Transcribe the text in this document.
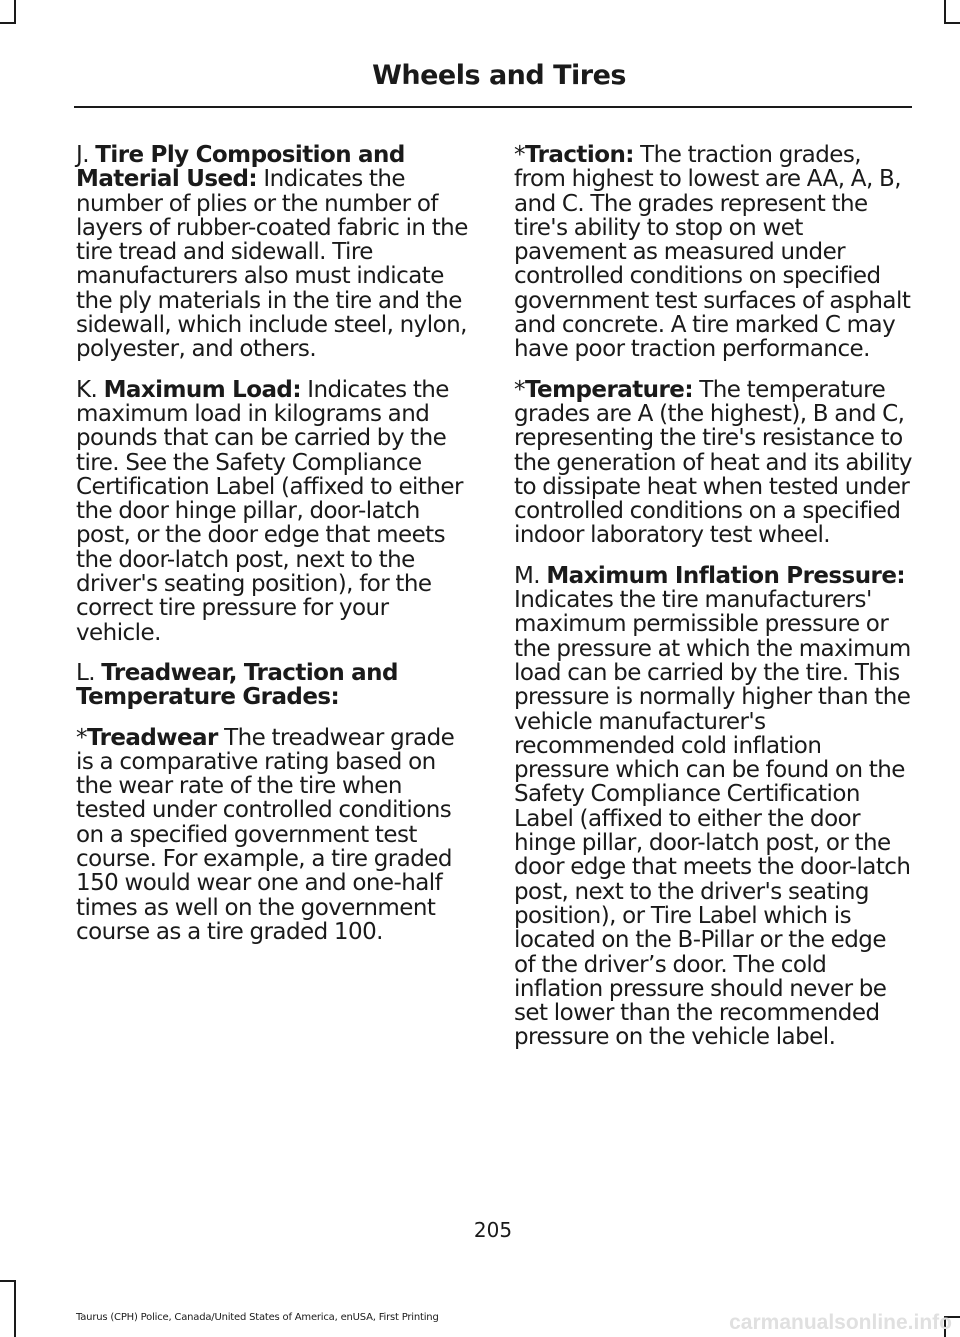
Wheels and Tires

J. Tire Ply Composition and Material Used: Indicates the number of plies or the number of layers of rubber-coated fabric in the tire tread and sidewall. Tire manufacturers also must indicate the ply materials in the tire and the sidewall, which include steel, nylon, polyester, and others.

K. Maximum Load: Indicates the maximum load in kilograms and pounds that can be carried by the tire. See the Safety Compliance Certification Label (affixed to either the door hinge pillar, door-latch post, or the door edge that meets the door-latch post, next to the driver's seating position), for the correct tire pressure for your vehicle.

L. Treadwear, Traction and Temperature Grades:

*Treadwear The treadwear grade is a comparative rating based on the wear rate of the tire when tested under controlled conditions on a specified government test course. For example, a tire graded 150 would wear one and one-half times as well on the government course as a tire graded 100.

*Traction: The traction grades, from highest to lowest are AA, A, B, and C. The grades represent the tire's ability to stop on wet pavement as measured under controlled conditions on specified government test surfaces of asphalt and concrete. A tire marked C may have poor traction performance.

*Temperature: The temperature grades are A (the highest), B and C, representing the tire's resistance to the generation of heat and its ability to dissipate heat when tested under controlled conditions on a specified indoor laboratory test wheel.

M. Maximum Inflation Pressure: Indicates the tire manufacturers' maximum permissible pressure or the pressure at which the maximum load can be carried by the tire. This pressure is normally higher than the vehicle manufacturer's recommended cold inflation pressure which can be found on the Safety Compliance Certification Label (affixed to either the door hinge pillar, door-latch post, or the door edge that meets the door-latch post, next to the driver's seating position), or Tire Label which is located on the B-Pillar or the edge of the driver’s door. The cold inflation pressure should never be set lower than the recommended pressure on the vehicle label.

205
Taurus (CPH) Police, Canada/United States of America, enUSA, First Printing	carmanualsonline.info
